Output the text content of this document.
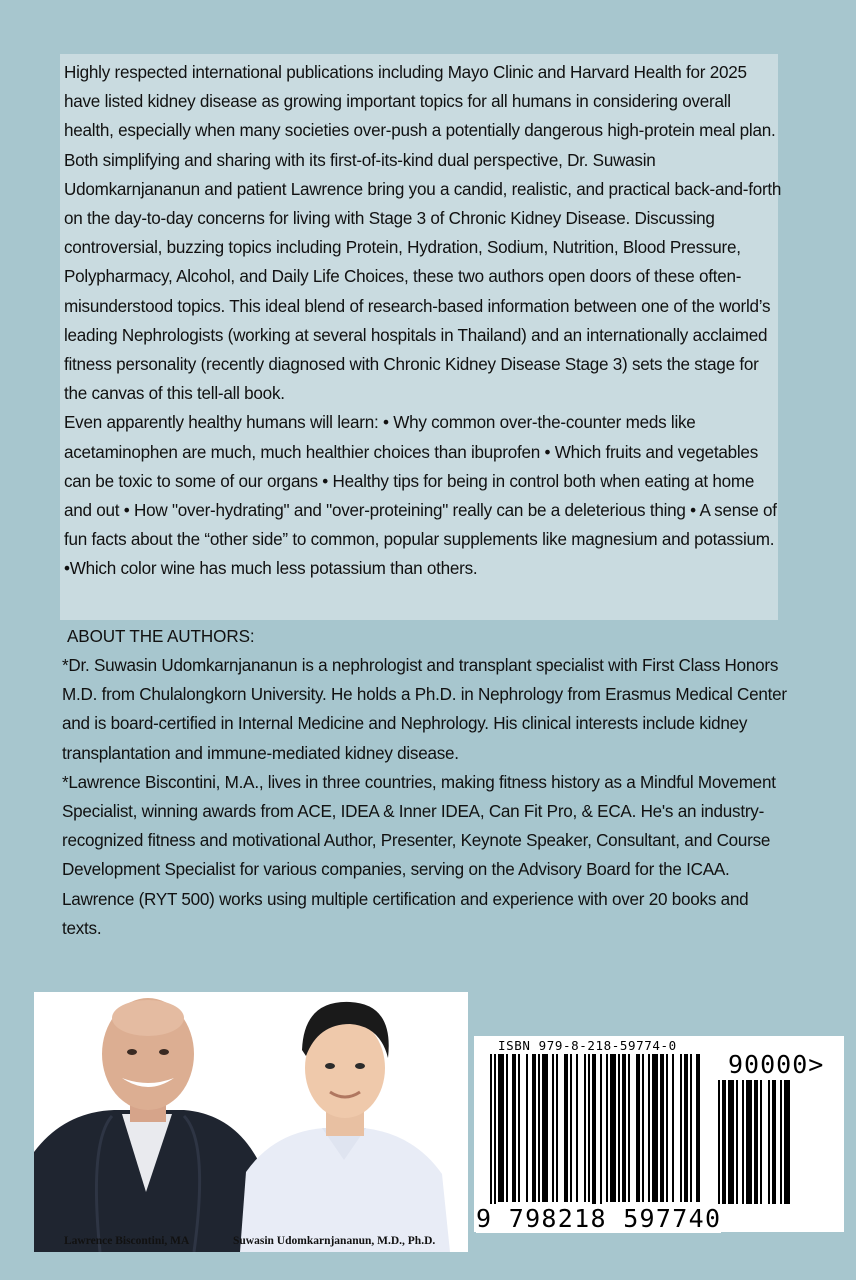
Highly respected international publications including Mayo Clinic and Harvard Health for 2025 have listed kidney disease as growing important topics for all humans in considering overall health, especially when many societies over-push a potentially dangerous high-protein meal plan. Both simplifying and sharing with its first-of-its-kind dual perspective, Dr. Suwasin Udomkarnjananun and patient Lawrence bring you a candid, realistic, and practical back-and-forth on the day-to-day concerns for living with Stage 3 of Chronic Kidney Disease. Discussing controversial, buzzing topics including Protein, Hydration, Sodium, Nutrition, Blood Pressure, Polypharmacy, Alcohol, and Daily Life Choices, these two authors open doors of these often-misunderstood topics. This ideal blend of research-based information between one of the world’s leading Nephrologists (working at several hospitals in Thailand) and an internationally acclaimed fitness personality (recently diagnosed with Chronic Kidney Disease Stage 3) sets the stage for the canvas of this tell-all book.

Even apparently healthy humans will learn: • Why common over-the-counter meds like acetaminophen are much, much healthier choices than ibuprofen • Which fruits and vegetables can be toxic to some of our organs • Healthy tips for being in control both when eating at home and out • How "over-hydrating" and "over-proteining" really can be a deleterious thing • A sense of fun facts about the “other side” to common, popular supplements like magnesium and potassium. •Which color wine has much less potassium than others.

ABOUT THE AUTHORS:

*Dr. Suwasin Udomkarnjananun is a nephrologist and transplant specialist with First Class Honors M.D. from Chulalongkorn University. He holds a Ph.D. in Nephrology from Erasmus Medical Center and is board-certified in Internal Medicine and Nephrology. His clinical interests include kidney transplantation and immune-mediated kidney disease.

*Lawrence Biscontini, M.A., lives in three countries, making fitness history as a Mindful Movement Specialist, winning awards from ACE, IDEA & Inner IDEA, Can Fit Pro, & ECA. He's an industry-recognized fitness and motivational Author, Presenter, Keynote Speaker, Consultant, and Course Development Specialist for various companies, serving on the Advisory Board for the ICAA. Lawrence (RYT 500) works using multiple certification and experience with over 20 books and texts.

Lawrence Biscontini, MA	Suwasin Udomkarnjananun, M.D., Ph.D.
ISBN 979-8-218-59774-0
90000>
9 798218 597740
